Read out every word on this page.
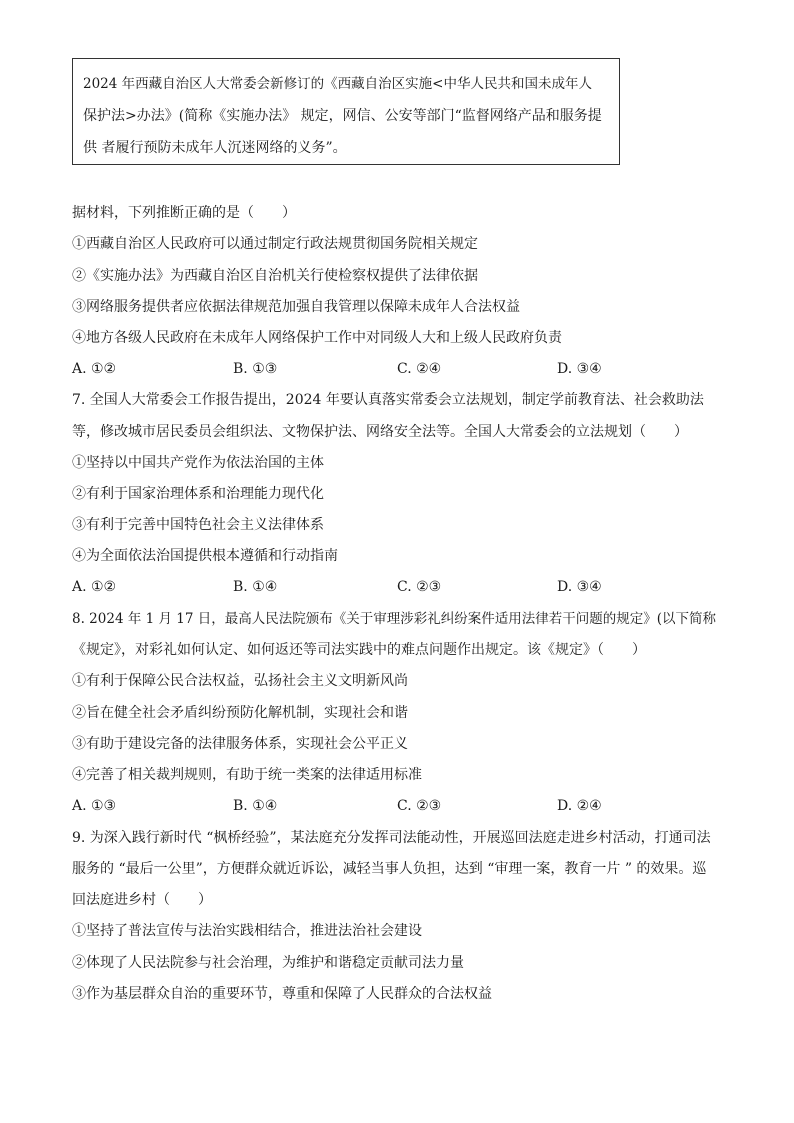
2024 年西藏自治区人大常委会新修订的《西藏自治区实施<中华人民共和国未成年人
保护法>办法》(简称《实施办法》 规定，网信、公安等部门“监督网络产品和服务提
供 者履行预防未成年人沉迷网络的义务”。
据材料，下列推断正确的是（　　）
①西藏自治区人民政府可以通过制定行政法规贯彻国务院相关规定
②《实施办法》为西藏自治区自治机关行使检察权提供了法律依据
③网络服务提供者应依据法律规范加强自我管理以保障未成年人合法权益
④地方各级人民政府在未成年人网络保护工作中对同级人大和上级人民政府负责
A. ①②	B. ①③	C. ②④	D. ③④
7. 全国人大常委会工作报告提出，2024 年要认真落实常委会立法规划，制定学前教育法、社会救助法
等，修改城市居民委员会组织法、文物保护法、网络安全法等。全国人大常委会的立法规划（　　）
①坚持以中国共产党作为依法治国的主体
②有利于国家治理体系和治理能力现代化
③有利于完善中国特色社会主义法律体系
④为全面依法治国提供根本遵循和行动指南
A. ①②	B. ①④	C. ②③	D. ③④
8. 2024 年 1 月 17 日，最高人民法院颁布《关于审理涉彩礼纠纷案件适用法律若干问题的规定》(以下简称
《规定》，对彩礼如何认定、如何返还等司法实践中的难点问题作出规定。该《规定》（　　）
①有利于保障公民合法权益，弘扬社会主义文明新风尚
②旨在健全社会矛盾纠纷预防化解机制，实现社会和谐
③有助于建设完备的法律服务体系，实现社会公平正义
④完善了相关裁判规则，有助于统一类案的法律适用标准
A. ①③	B. ①④	C. ②③	D. ②④
9. 为深入践行新时代 “枫桥经验”，某法庭充分发挥司法能动性，开展巡回法庭走进乡村活动，打通司法
服务的 “最后一公里”，方便群众就近诉讼，减轻当事人负担，达到 “审理一案，教育一片 ” 的效果。巡
回法庭进乡村（　　）
①坚持了普法宣传与法治实践相结合，推进法治社会建设
②体现了人民法院参与社会治理，为维护和谐稳定贡献司法力量
③作为基层群众自治的重要环节，尊重和保障了人民群众的合法权益
